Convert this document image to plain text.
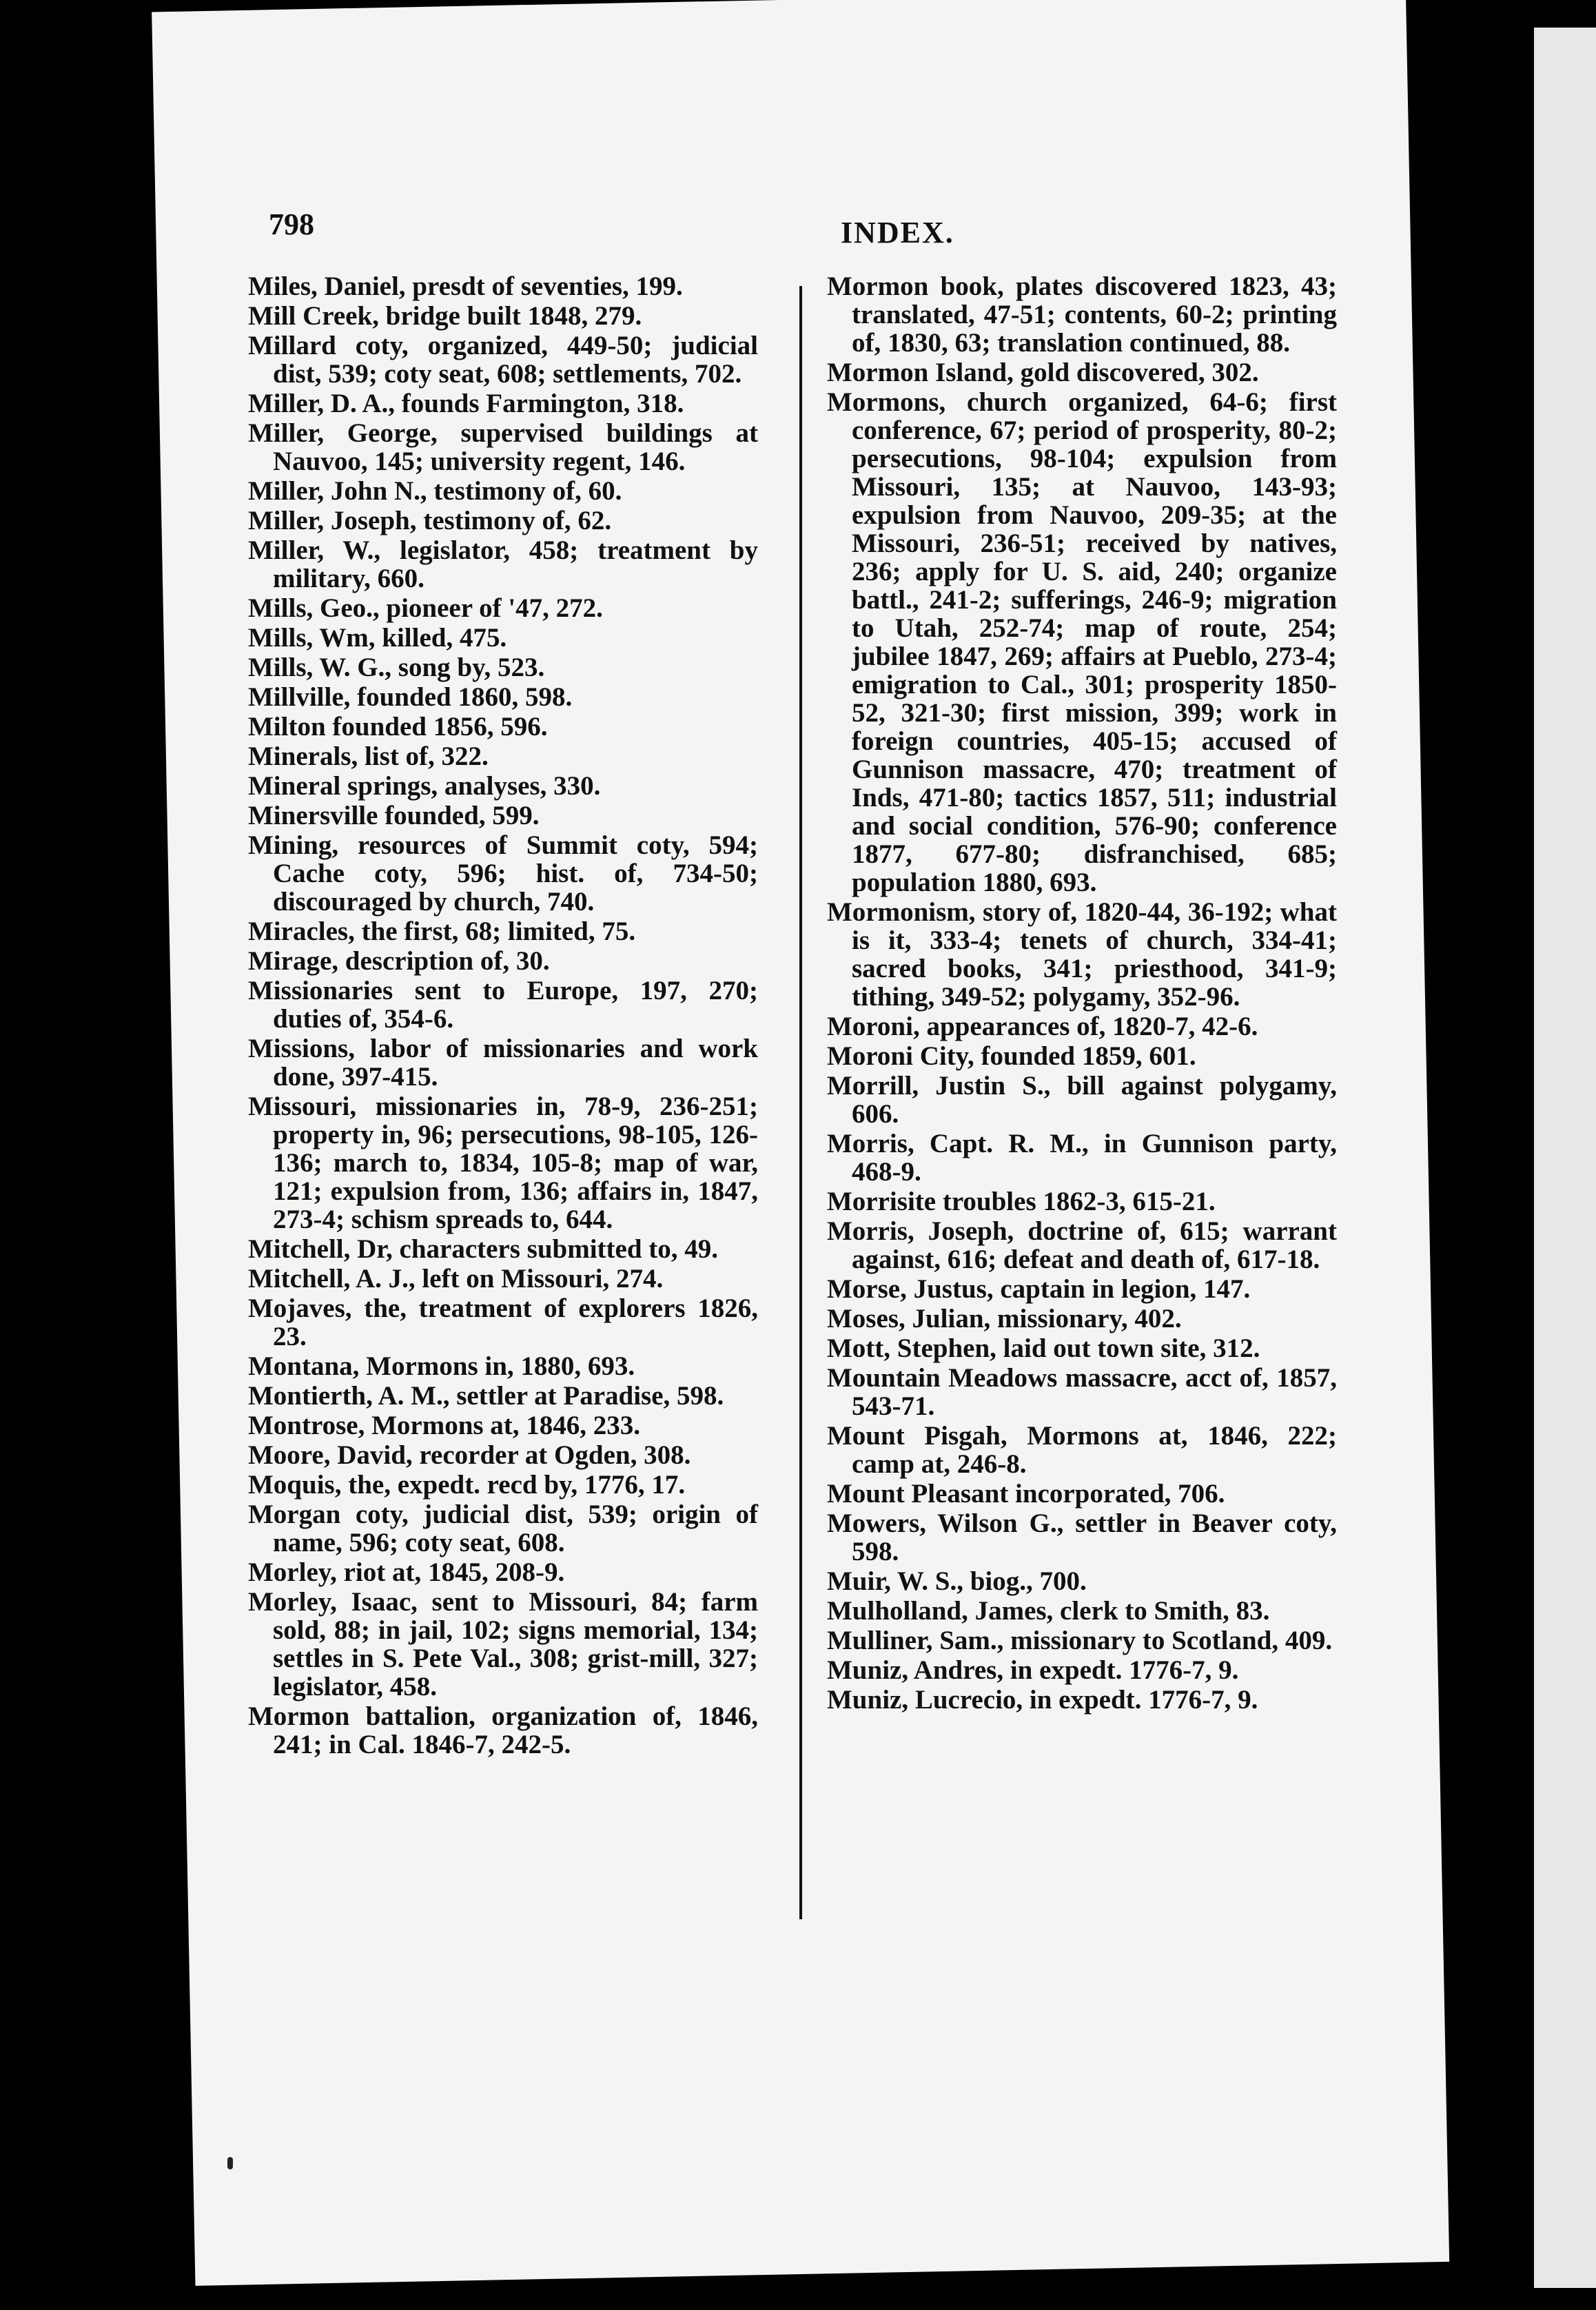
798	INDEX.

Miles, Daniel, presdt of seventies, 199.

Mill Creek, bridge built 1848, 279.

Millard coty, organized, 449-50; judicial dist, 539; coty seat, 608; settlements, 702.

Miller, D. A., founds Farmington, 318.

Miller, George, supervised buildings at Nauvoo, 145; university regent, 146.

Miller, John N., testimony of, 60.

Miller, Joseph, testimony of, 62.

Miller, W., legislator, 458; treatment by military, 660.

Mills, Geo., pioneer of '47, 272.

Mills, Wm, killed, 475.

Mills, W. G., song by, 523.

Millville, founded 1860, 598.

Milton founded 1856, 596.

Minerals, list of, 322.

Mineral springs, analyses, 330.

Minersville founded, 599.

Mining, resources of Summit coty, 594; Cache coty, 596; hist. of, 734-50; discouraged by church, 740.

Miracles, the first, 68; limited, 75.

Mirage, description of, 30.

Missionaries sent to Europe, 197, 270; duties of, 354-6.

Missions, labor of missionaries and work done, 397-415.

Missouri, missionaries in, 78-9, 236-251; property in, 96; persecutions, 98-105, 126-136; march to, 1834, 105-8; map of war, 121; expulsion from, 136; affairs in, 1847, 273-4; schism spreads to, 644.

Mitchell, Dr, characters submitted to, 49.

Mitchell, A. J., left on Missouri, 274.

Mojaves, the, treatment of explorers 1826, 23.

Montana, Mormons in, 1880, 693.

Montierth, A. M., settler at Paradise, 598.

Montrose, Mormons at, 1846, 233.

Moore, David, recorder at Ogden, 308.

Moquis, the, expedt. recd by, 1776, 17.

Morgan coty, judicial dist, 539; origin of name, 596; coty seat, 608.

Morley, riot at, 1845, 208-9.

Morley, Isaac, sent to Missouri, 84; farm sold, 88; in jail, 102; signs memorial, 134; settles in S. Pete Val., 308; grist-mill, 327; legislator, 458.

Mormon battalion, organization of, 1846, 241; in Cal. 1846-7, 242-5.

Mormon book, plates discovered 1823, 43; translated, 47-51; contents, 60-2; printing of, 1830, 63; translation continued, 88.

Mormon Island, gold discovered, 302.

Mormons, church organized, 64-6; first conference, 67; period of prosperity, 80-2; persecutions, 98-104; expulsion from Missouri, 135; at Nauvoo, 143-93; expulsion from Nauvoo, 209-35; at the Missouri, 236-51; received by natives, 236; apply for U. S. aid, 240; organize battl., 241-2; sufferings, 246-9; migration to Utah, 252-74; map of route, 254; jubilee 1847, 269; affairs at Pueblo, 273-4; emigration to Cal., 301; prosperity 1850-52, 321-30; first mission, 399; work in foreign countries, 405-15; accused of Gunnison massacre, 470; treatment of Inds, 471-80; tactics 1857, 511; industrial and social condition, 576-90; conference 1877, 677-80; disfranchised, 685; population 1880, 693.

Mormonism, story of, 1820-44, 36-192; what is it, 333-4; tenets of church, 334-41; sacred books, 341; priesthood, 341-9; tithing, 349-52; polygamy, 352-96.

Moroni, appearances of, 1820-7, 42-6.

Moroni City, founded 1859, 601.

Morrill, Justin S., bill against polygamy, 606.

Morris, Capt. R. M., in Gunnison party, 468-9.

Morrisite troubles 1862-3, 615-21.

Morris, Joseph, doctrine of, 615; warrant against, 616; defeat and death of, 617-18.

Morse, Justus, captain in legion, 147.

Moses, Julian, missionary, 402.

Mott, Stephen, laid out town site, 312.

Mountain Meadows massacre, acct of, 1857, 543-71.

Mount Pisgah, Mormons at, 1846, 222; camp at, 246-8.

Mount Pleasant incorporated, 706.

Mowers, Wilson G., settler in Beaver coty, 598.

Muir, W. S., biog., 700.

Mulholland, James, clerk to Smith, 83.

Mulliner, Sam., missionary to Scotland, 409.

Muniz, Andres, in expedt. 1776-7, 9.

Muniz, Lucrecio, in expedt. 1776-7, 9.
